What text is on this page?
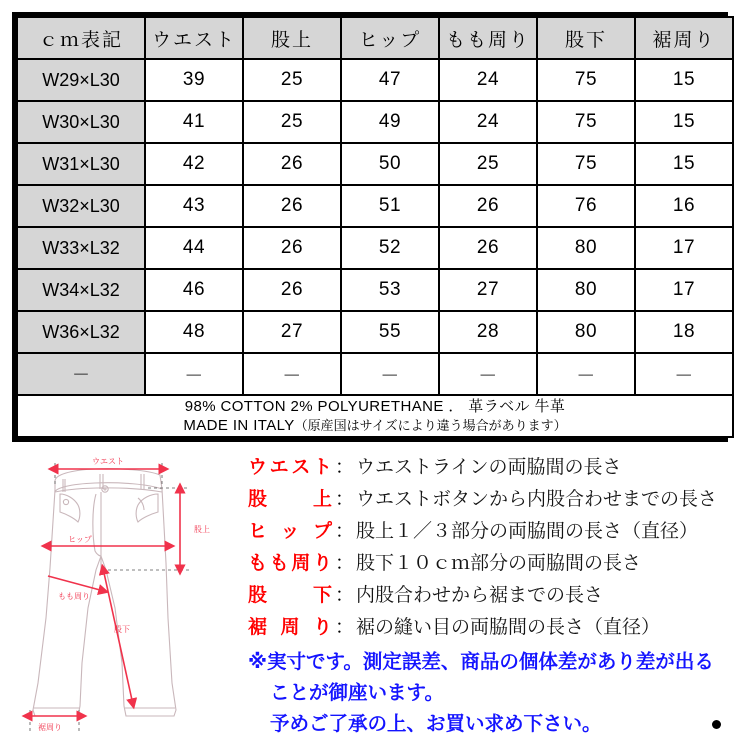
ｃｍ表記	ウエスト	股上	ヒップ	もも周り	股下	裾周り
W29×L30	39	25	47	24	75	15
W30×L30	41	25	49	24	75	15
W31×L30	42	26	50	25	75	15
W32×L30	43	26	51	26	76	16
W33×L32	44	26	52	26	80	17
W34×L32	46	26	53	27	80	17
W36×L32	48	27	55	28	80	18
－	－	－	－	－	－	－

98% COTTON 2% POLYURETHANE ． 革ラベル 牛革
MADE IN ITALY（原産国はサイズにより違う場合があります）						
ウエスト
股上
ヒップ
もも周り
股下
裾周り
ウ エ ス ト ： ウエストラインの両脇間の長さ
股 上 ： ウエストボタンから内股合わせまでの長さ
ヒ ッ プ ： 股上１／３部分の両脇間の長さ（直径）
も も 周 り ： 股下１０ｃｍ部分の両脇間の長さ
股 下 ： 内股合わせから裾までの長さ
裾 周 り ： 裾の縫い目の両脇間の長さ（直径）
※実寸です。測定誤差、商品の個体差があり差が出る
ことが御座います。
予めご了承の上、お買い求め下さい。
